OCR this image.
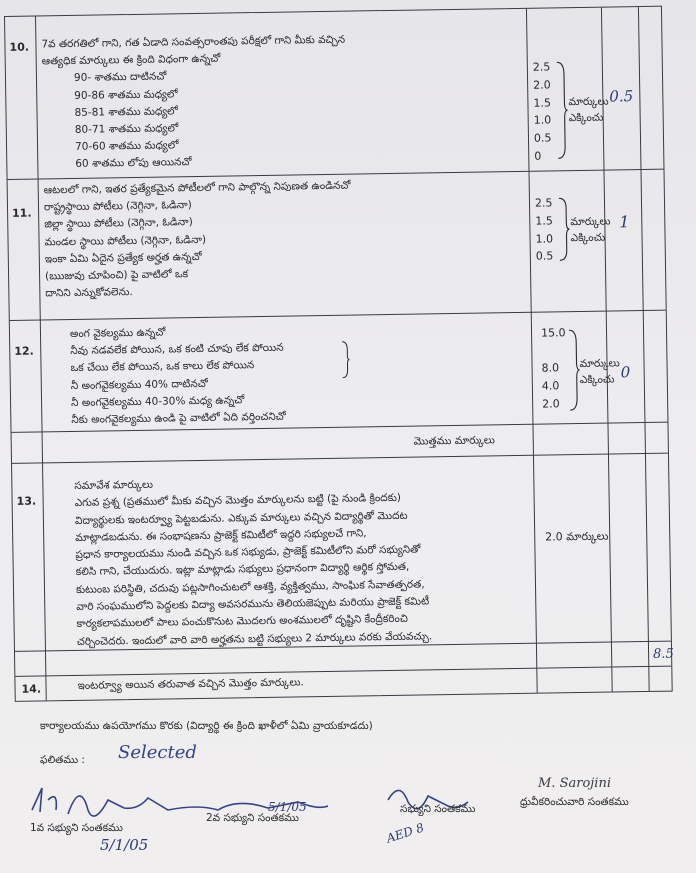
10. 7వ తరగతిలో గాని, గత ఏడాది సంవత్సరాంతపు పరీక్షలో గాని మీకు వచ్చిన
ఆత్యధిక మార్కులు ఈ క్రింది విధంగా ఉన్నచో
90- శాతము దాటినచో
90-86 శాతము మధ్యలో
85-81 శాతము మధ్యలో
80-71 శాతము మధ్యలో
70-60 శాతము మధ్యలో
60 శాతము లోపు ఆయినచో
2.5
2.0
1.5
1.0
0.5
0
మార్కులు
ఎక్కించు
0.5
11.
ఆటలలో గాని, ఇతర ప్రత్యేకమైన పోటీలలో గాని పాల్గొన్న నిపుణత ఉండినచో
రాష్ట్రస్థాయి పోటీలు (నెగ్గినా, ఓడినా)
జిల్లా స్థాయి పోటీలు (నెగ్గినా, ఓడినా)
మండల స్థాయి పోటీలు (నెగ్గినా, ఓడినా)
ఇంకా ఏమి ఏదైన ప్రత్యేక అర్హత ఉన్నచో
(ఋజువు చూపించి) పై వాటిలో ఒక
దానిని ఎన్నుకోవలెను.
2.5
1.5
1.0
0.5
మార్కులు
ఎక్కించు
1
12.
అంగ వైకల్యము ఉన్నచో
నీవు నడవలేక పోయిన, ఒక కంటి చూపు లేక పోయిన
ఒక చేయి లేక పోయిన, ఒక కాలు లేక పోయిన
నీ అంగవైకల్యము 40% దాటినచో
నీ అంగవైకల్యము 40-30% మధ్య ఉన్నచో
నీకు అంగవైకల్యము ఉండి పై వాటిలో ఏది వర్తించనిచో
15.0
8.0
4.0
2.0
మార్కులు
ఎక్కించు 0
మొత్తము మార్కులు
13.
సమావేశ మార్కులు
ఎగువ ప్రశ్న (ప్రతములో మీకు వచ్చిన మొత్తం మార్కులను బట్టి (పై నుండి క్రిందకు)
విద్యార్థులకు ఇంటర్వ్యూ పెట్టబడును. ఎక్కువ మార్కులు వచ్చిన విద్యార్థితో మొదట
మాట్లాడబడును. ఈ సంభాషణను ప్రాజెక్ట్ కమిటీలో ఇద్దరి సభ్యులచే గాని,
ప్రధాన కార్యాలయము నుండి వచ్చిన ఒక సభ్యుడు, ప్రాజెక్ట్ కమిటీలోని మరో సభ్యునితో
కలిసి గాని, చేయుదురు. ఇట్లా మాట్లాడు సభ్యులు ప్రధానంగా విద్యార్థి ఆర్థిక స్తోమత,
కుటుంబ పరిస్థితి, చదువు పట్లసాగించుటలో ఆశక్తి, వ్యక్తిత్వము, సాంఘిక సేవాతత్పరత,
వారి సంఘములోని పెద్దలకు విద్యా అవసరమును తెలియజెప్పుట మరియు ప్రాజెక్ట్ కమిటీ
కార్యకలాపములలో పాలు పంచుకొనుట మొదలగు అంశములలో దృష్టిని కేంద్రీకరించి
చర్చించెదరు. ఇందులో వారి వారి అర్హతను బట్టి సభ్యులు 2 మార్కులు వరకు వేయవచ్చు.
2.0 మార్కులు
8.5
14.	ఇంటర్వ్యూ అయిన తరువాత వచ్చిన మొత్తం మార్కులు.
కార్యాలయము ఉపయోగము కొరకు (విద్యార్థి ఈ క్రింది ఖాళీలో ఏమి వ్రాయకూడదు)
ఫలితము : Selected
5/1/05
5/1/05	AED 8
1వ సభ్యుని సంతకము
2వ సభ్యుని సంతకము
సభ్యుని సంతకము
M. Sarojini
ధ్రువీకరించువారి సంతకము
